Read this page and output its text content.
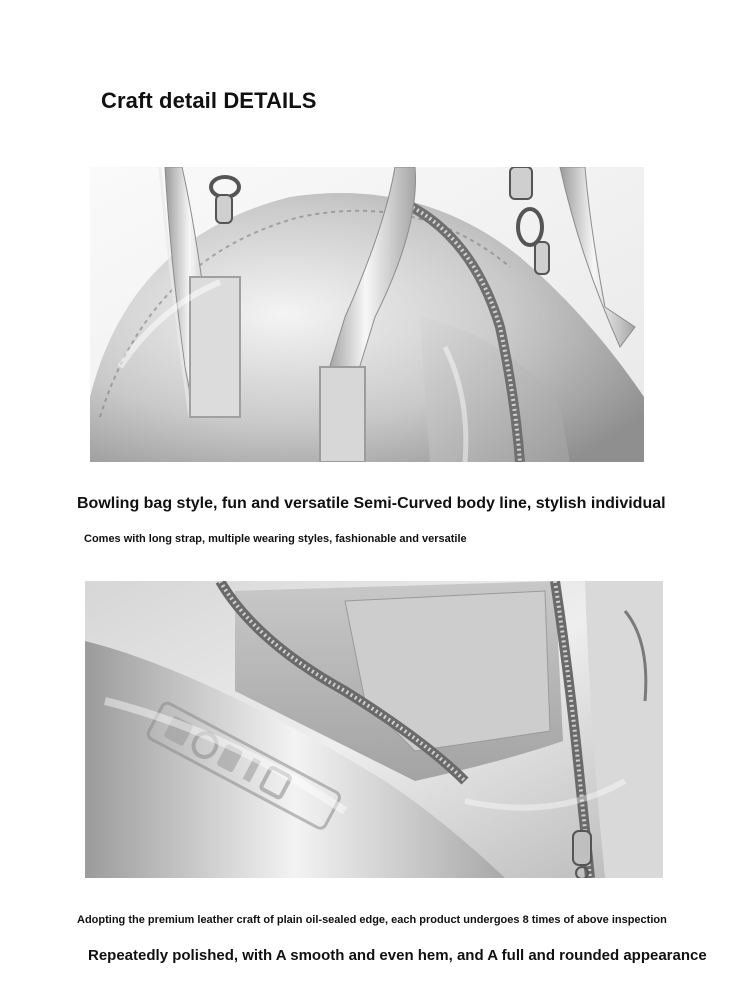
Craft detail DETAILS
Bowling bag style, fun and versatile Semi-Curved body line, stylish individual
Comes with long strap, multiple wearing styles, fashionable and versatile
Adopting the premium leather craft of plain oil-sealed edge, each product undergoes 8 times of above inspection
Repeatedly polished, with A smooth and even hem, and A full and rounded appearance
